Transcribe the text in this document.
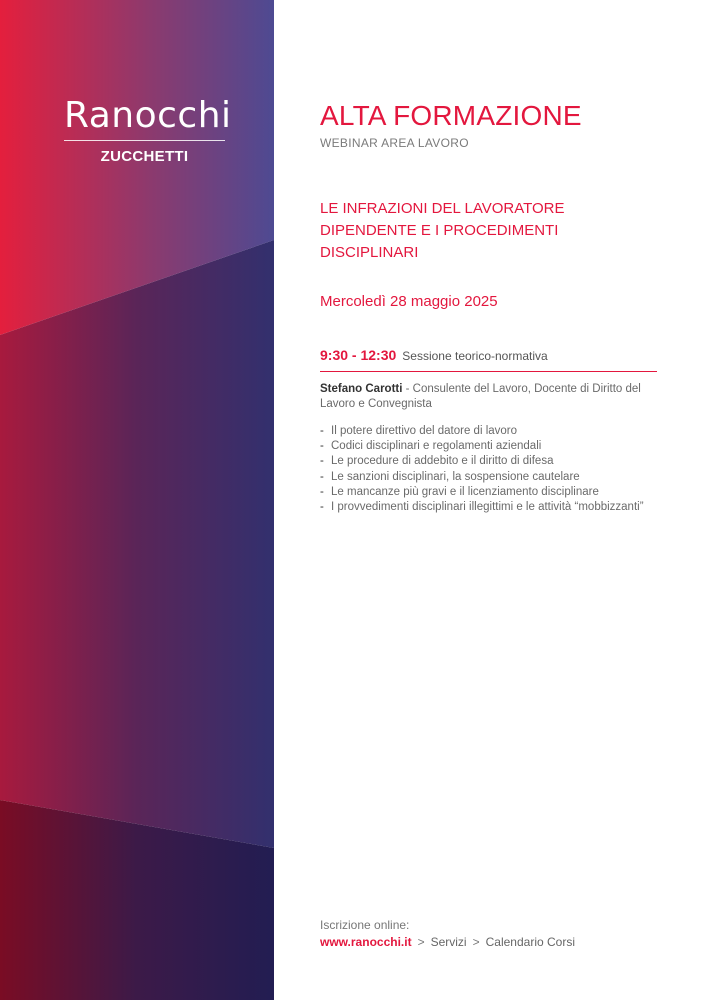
Ranocchi
ZUCCHETTI
ALTA FORMAZIONE
WEBINAR AREA LAVORO
LE INFRAZIONI DEL LAVORATORE DIPENDENTE E I PROCEDIMENTI DISCIPLINARI
Mercoledì 28 maggio 2025
9:30 - 12:30 Sessione teorico-normativa
Stefano Carotti - Consulente del Lavoro, Docente di Diritto del Lavoro e Convegnista
- Il potere direttivo del datore di lavoro
- Codici disciplinari e regolamenti aziendali
- Le procedure di addebito e il diritto di difesa
- Le sanzioni disciplinari, la sospensione cautelare
- Le mancanze più gravi e il licenziamento disciplinare
- I provvedimenti disciplinari illegittimi e le attività “mobbizzanti”
Iscrizione online:
www.ranocchi.it > Servizi > Calendario Corsi
